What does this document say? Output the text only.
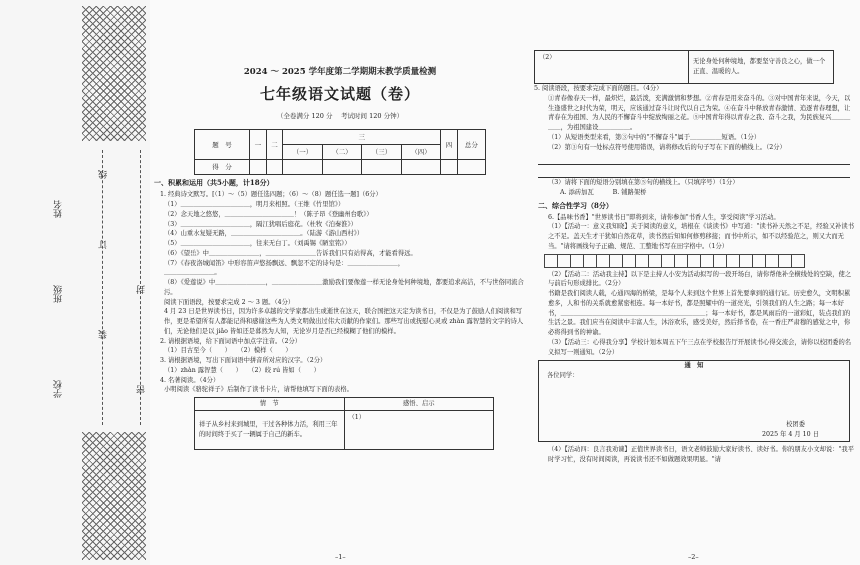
学校
班级
姓名
线
订
封
装
密
2024 ～ 2025 学年度第二学期期末教学质量检测
七年级语文试题（卷）
（全卷满分 120 分　 考试时间 120 分钟）
题　号	一	二	三				四	总分
			（一）	（二）	（三）	（四）		
得　分								
一、积累和运用（共5小题，计18分）
1. 经典诗文默写。[（1）～（5）题任选四题；（6）～（8）题任选一题]（6分）
（1）＿＿＿＿＿＿＿＿＿＿＿，明月来相照。（王维《竹里馆》）
（2）念天地之悠悠，＿＿＿＿＿＿＿＿＿＿＿！（陈子昂《登幽州台歌》）
（3）＿＿＿＿＿＿＿＿＿＿＿，隔江犹唱后庭花。（杜牧《泊秦淮》）
（4）山重水复疑无路，＿＿＿＿＿＿＿＿＿＿＿。（陆游《游山西村》）
（5）＿＿＿＿＿＿＿＿＿＿＿，往来无白丁。（刘禹锡《陋室铭》）
（6）《望岳》中＿＿＿＿＿＿＿＿，＿＿＿＿＿＿＿＿告诉我们只有站得高，才能看得远。
（7）《春夜洛城闻笛》中形容笛声悠扬飘远、飘忽不定的诗句是：＿＿＿＿＿＿＿＿，
＿＿＿＿＿＿＿＿。
（8）《爱莲说》中＿＿＿＿＿＿＿＿，＿＿＿＿＿＿＿＿激励我们要像莲一样无论身处何种境地，都要追求高洁，不与世俗同流合污。
阅读下面语段，按要求完成 2 ～ 3 题。（4分）
4 月 23 日是世界读书日，因为许多卓越的文学家都出生或逝世在这天，联合国把这天定为读书日，不仅是为了鼓励人们阅读和写作，更是希望所有人都能记得和感谢这些为人类文明做出过伟大贡献的作家们。那些写出或抚慰心灵或 zhàn 露智慧的文字的诗人们，无论他们是以 jiǎo 皆如还是暮然为人知，无论岁月是否已经模糊了他们的模样。
2. 请根据语境，给下面词语中加点字注音。（2分）
（1）目古至今（　　）　　（2）模样（　　）
3. 请根据语境，写出下面词语中拼音所对应的汉字。（2分）
（1）zhàn 露智慧（　　）　　（2）皎 rú 皆如（　　）
4. 名著阅读。（4分）
小明阅读《骆驼祥子》后制作了读书卡片，请帮他填写下面的表格。
情　节	感悟、启示
祥子从乡村来到城里，干过各种体力活，利用三年的时间终于买了一辆属于自己的新车。	（1）
（2）	无论身处何种境地，都要坚守善良之心，做一个正直、温暖的人。
5. 阅读语段，按要求完成下面的题目。（4分）
①青春像春天一样，最炽烂，最活泼，充满激情和梦想。②青春是用来奋斗的。③对中国青年来说，今天，以生逢盛世之时代为荣，明天，应该通过奋斗让时代以自己为荣。④在奋斗中释放青春激情、追逐青春理想，让青春在为祖国、为人民的不懈奋斗中绽放绚丽之花。⑤中国青年得以青春之我、奋斗之我，为民族复兴＿＿＿＿＿，为祖国建设＿＿＿＿＿。
（1）从短语类型来看，第③句中的"不懈奋斗"属于＿＿＿＿＿短语。（1分）
（2）第③句有一处标点符号使用错误，请将修改后的句子写在下面的横线上。（2分）
（3）请将下面的短语分别填在第⑤句的横线上。（只填序号）（1分）
A. 添砖加瓦　　　B. 铺路架桥
二、综合性学习（8分）
6.【品味书香】"世界读书日"即将到来，请你参加"书香人生，享受阅读"学习活动。
（1）【活动一：意义我知晓】关于阅读的意义，培根在《谈读书》中写道："读书补天然之不足，经验又补读书之不足。盖天生才干犹如自然花草，读书然后知如何修剪移接；而书中所示，如不以经验范之，则又大而无当。"请将画线句子正确、规范、工整地书写在田字格中。（1分）
（2）【活动二：活动我主持】以下是主持人小安为活动拟写的一段开场白，请你帮他补全横线处的空缺，使之与前后句形成排比。（2分）
书籍是我们阅读人载，心通四海的桥梁，是每个人来到这个世界上首先要拿到的通行证。历史愈久，文明积累愈多，人和书的关系就愈紧密相连。每一本好书，都是照耀中的一道亮光，引领我们的人生之路；每一本好书，＿＿＿＿＿＿＿＿＿＿＿＿＿＿＿＿＿＿＿＿＿＿＿；每一本好书，都是风雨后的一道彩虹，装点我们的生活之景。我们应当在阅读中丰富人生，沐浴欢乐，感受美好，然后择书卷，在一香庄严肃穆的感觉之中，你必将得到书的神谕。
（3）【活动三：心得我分享】学校计划本周五下午三点在学校报告厅开展读书心得交流会，请你以校团委的名义拟写一则通知。（2分）
通　知
各位同学：
校团委
2025 年 4 月 10 日
（4）【活动四：良言我劝谏】正值世界读书日，语文老师鼓励大家好读书、读好书。你的朋友小文却说："我平时学习忙，没有时间阅读，再说读书还不如做题效果明显。"请
–1–	–2–
